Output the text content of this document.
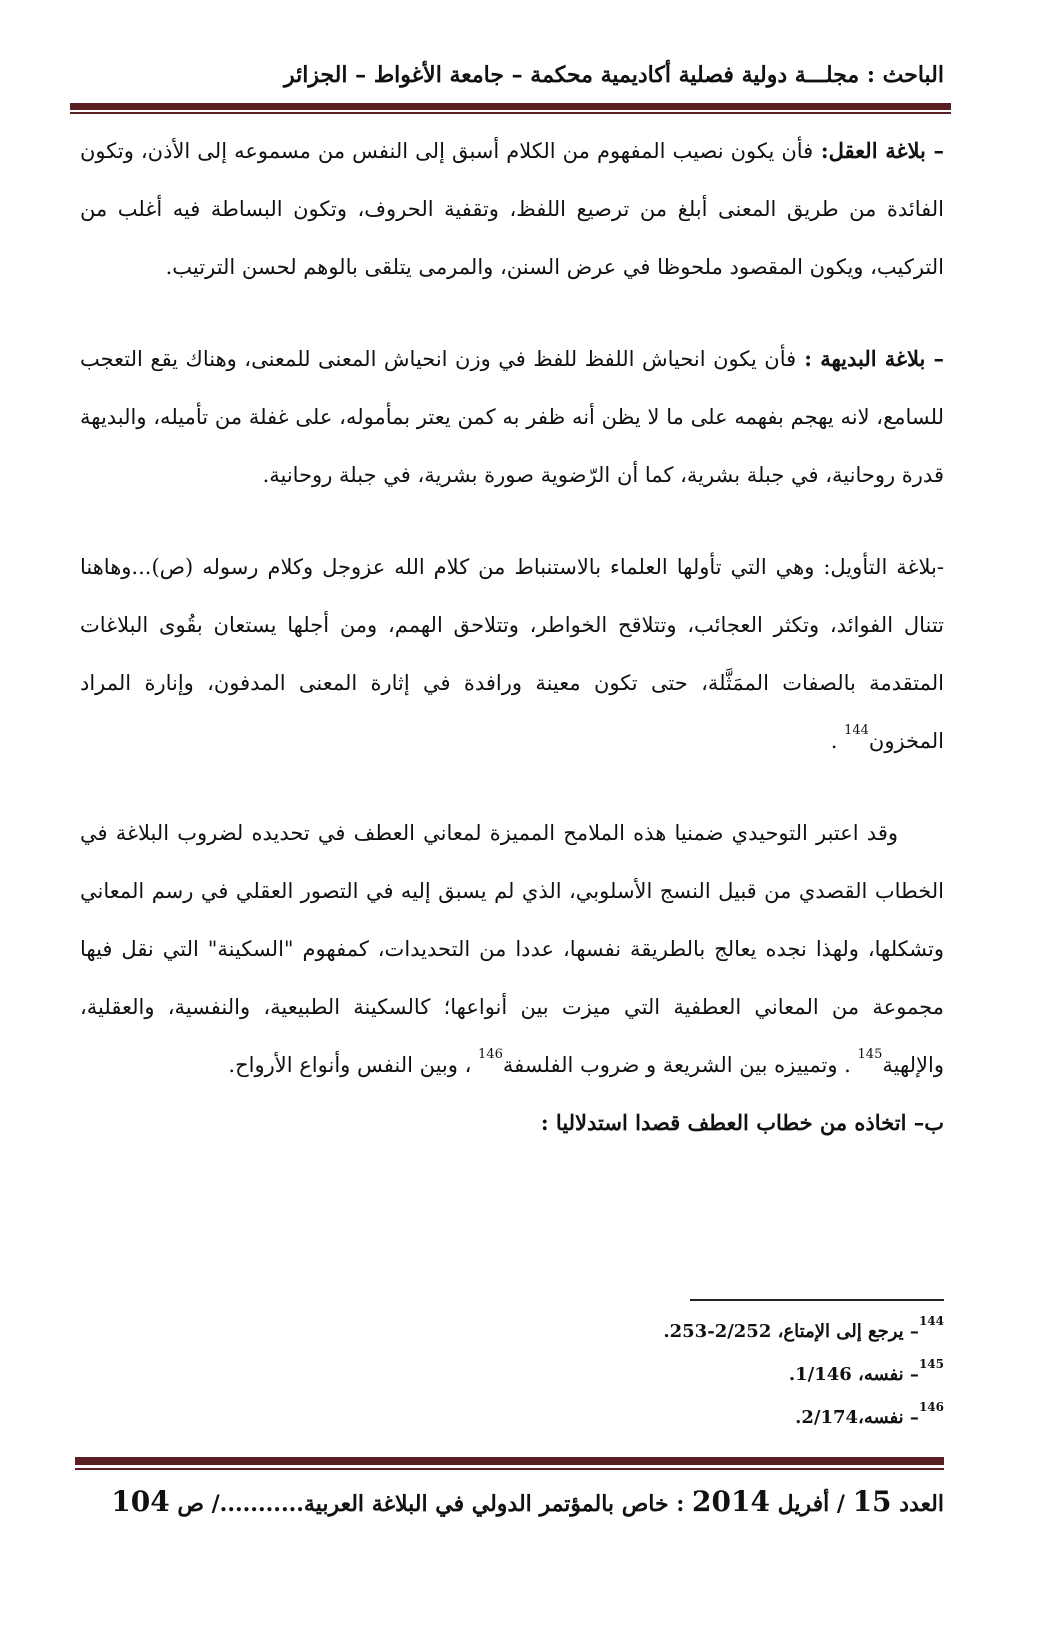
الباحث : مجلـــة دولية فصلية أكاديمية محكمة – جامعة الأغواط – الجزائر

– بلاغة العقل: فأن يكون نصيب المفهوم من الكلام أسبق إلى النفس من مسموعه إلى الأذن، وتكون الفائدة من طريق المعنى أبلغ من ترصيع اللفظ، وتقفية الحروف، وتكون البساطة فيه أغلب من التركيب، ويكون المقصود ملحوظا في عرض السنن، والمرمى يتلقى بالوهم لحسن الترتيب.

– بلاغة البديهة : فأن يكون انحياش اللفظ للفظ في وزن انحياش المعنى للمعنى، وهناك يقع التعجب للسامع، لانه يهجم بفهمه على ما لا يظن أنه ظفر به كمن يعتر بمأموله، على غفلة من تأميله، والبديهة قدرة روحانية، في جبلة بشرية، كما أن الرّضوية صورة بشرية، في جبلة روحانية.

-بلاغة التأويل: وهي التي تأولها العلماء بالاستنباط من كلام الله عزوجل وكلام رسوله (ص)...وهاهنا تتنال الفوائد، وتكثر العجائب، وتتلاقح الخواطر، وتتلاحق الهمم، ومن أجلها يستعان بقُوى البلاغات المتقدمة بالصفات الممَثَّلة، حتى تكون معينة ورافدة في إثارة المعنى المدفون، وإنارة المراد المخزون$^{144}$ .

وقد اعتبر التوحيدي ضمنيا هذه الملامح المميزة لمعاني العطف في تحديده لضروب البلاغة في الخطاب القصدي من قبيل النسج الأسلوبي، الذي لم يسبق إليه في التصور العقلي في رسم المعاني وتشكلها، ولهذا نجده يعالج بالطريقة نفسها، عددا من التحديدات، كمفهوم "السكينة" التي نقل فيها مجموعة من المعاني العطفية التي ميزت بين أنواعها؛ كالسكينة الطبيعية، والنفسية، والعقلية، والإلهية$^{145}$ . وتمييزه بين الشريعة و ضروب الفلسفة$^{146}$ ، وبين النفس وأنواع الأرواح.

ب– اتخاذه من خطاب العطف قصدا استدلاليا :

$^{144}$– يرجع إلى الإمتاع، 2/252-253.

$^{145}$– نفسه، 1/146.

$^{146}$– نفسه،2/174.

العدد 15 / أفريل 2014 : خاص بالمؤتمر الدولي في البلاغة العربية.........../ ص 104
